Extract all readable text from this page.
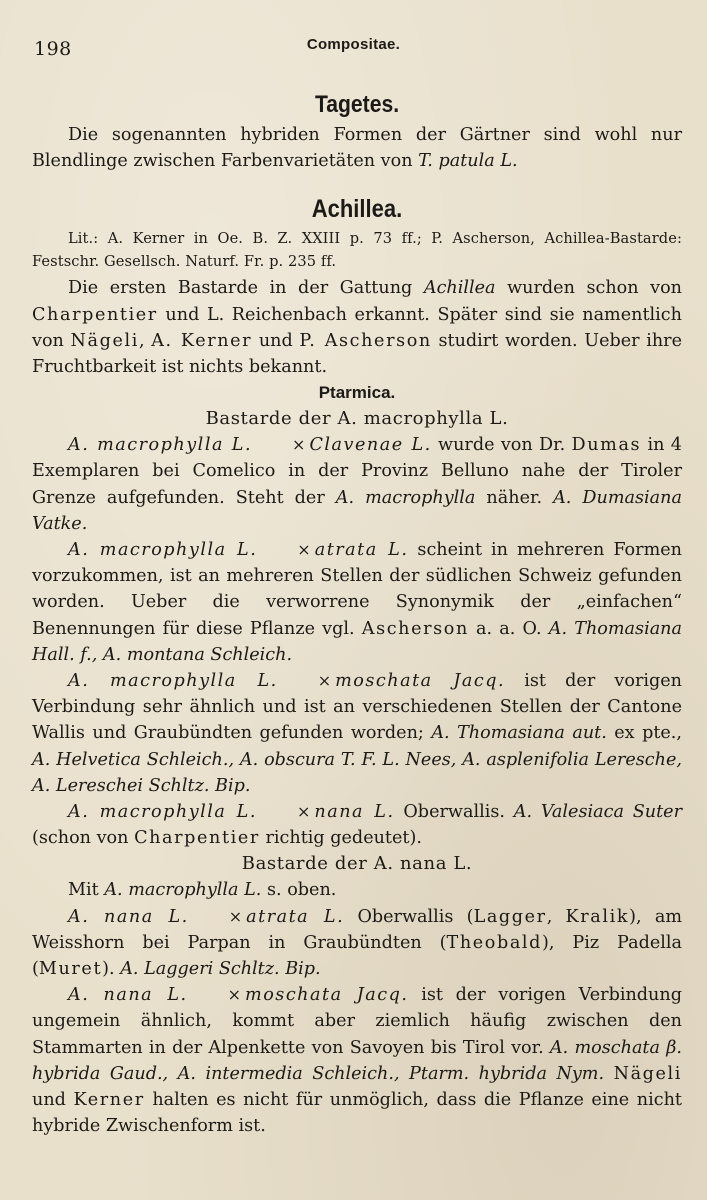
198	Compositae.
Tagetes.

Die sogenannten hybriden Formen der Gärtner sind wohl nur Blendlinge zwischen Farbenvarietäten von T. patula L.

Achillea.

Lit.: A. Kerner in Oe. B. Z. XXIII p. 73 ff.; P. Ascherson, Achillea-Bastarde: Festschr. Gesellsch. Naturf. Fr. p. 235 ff.

Die ersten Bastarde in der Gattung Achillea wurden schon von Charpentier und L. Reichenbach erkannt. Später sind sie namentlich von Nägeli, A. Kerner und P. Ascherson studirt worden. Ueber ihre Fruchtbarkeit ist nichts bekannt.

Ptarmica.

Bastarde der A. macrophylla L.

A. macrophylla L.	× Clavenae L. wurde von Dr. Dumas in 4 Exemplaren bei Comelico in der Provinz Belluno nahe der Tiroler Grenze aufgefunden. Steht der A. macrophylla näher. A. Dumasiana Vatke.

A. macrophylla L.	× atrata L. scheint in mehreren Formen vorzukommen, ist an mehreren Stellen der südlichen Schweiz gefunden worden. Ueber die verworrene Synonymik der „einfachen“ Benennungen für diese Pflanze vgl. Ascherson a. a. O. A. Thomasiana Hall. f., A. montana Schleich.

A. macrophylla L.	× moschata Jacq. ist der vorigen Verbindung sehr ähnlich und ist an verschiedenen Stellen der Cantone Wallis und Graubündten gefunden worden; A. Thomasiana aut. ex pte., A. Helvetica Schleich., A. obscura T. F. L. Nees, A. asplenifolia Leresche, A. Lereschei Schltz. Bip.

A. macrophylla L.	× nana L. Oberwallis. A. Valesiaca Suter (schon von Charpentier richtig gedeutet).

Bastarde der A. nana L.

Mit A. macrophylla L. s. oben.

A. nana L.	× atrata L. Oberwallis (Lagger, Kralik), am Weisshorn bei Parpan in Graubündten (Theobald), Piz Padella (Muret). A. Laggeri Schltz. Bip.

A. nana L.	× moschata Jacq. ist der vorigen Verbindung ungemein ähnlich, kommt aber ziemlich häufig zwischen den Stammarten in der Alpenkette von Savoyen bis Tirol vor. A. moschata β. hybrida Gaud., A. intermedia Schleich., Ptarm. hybrida Nym. Nägeli und Kerner halten es nicht für unmöglich, dass die Pflanze eine nicht hybride Zwischenform ist.
